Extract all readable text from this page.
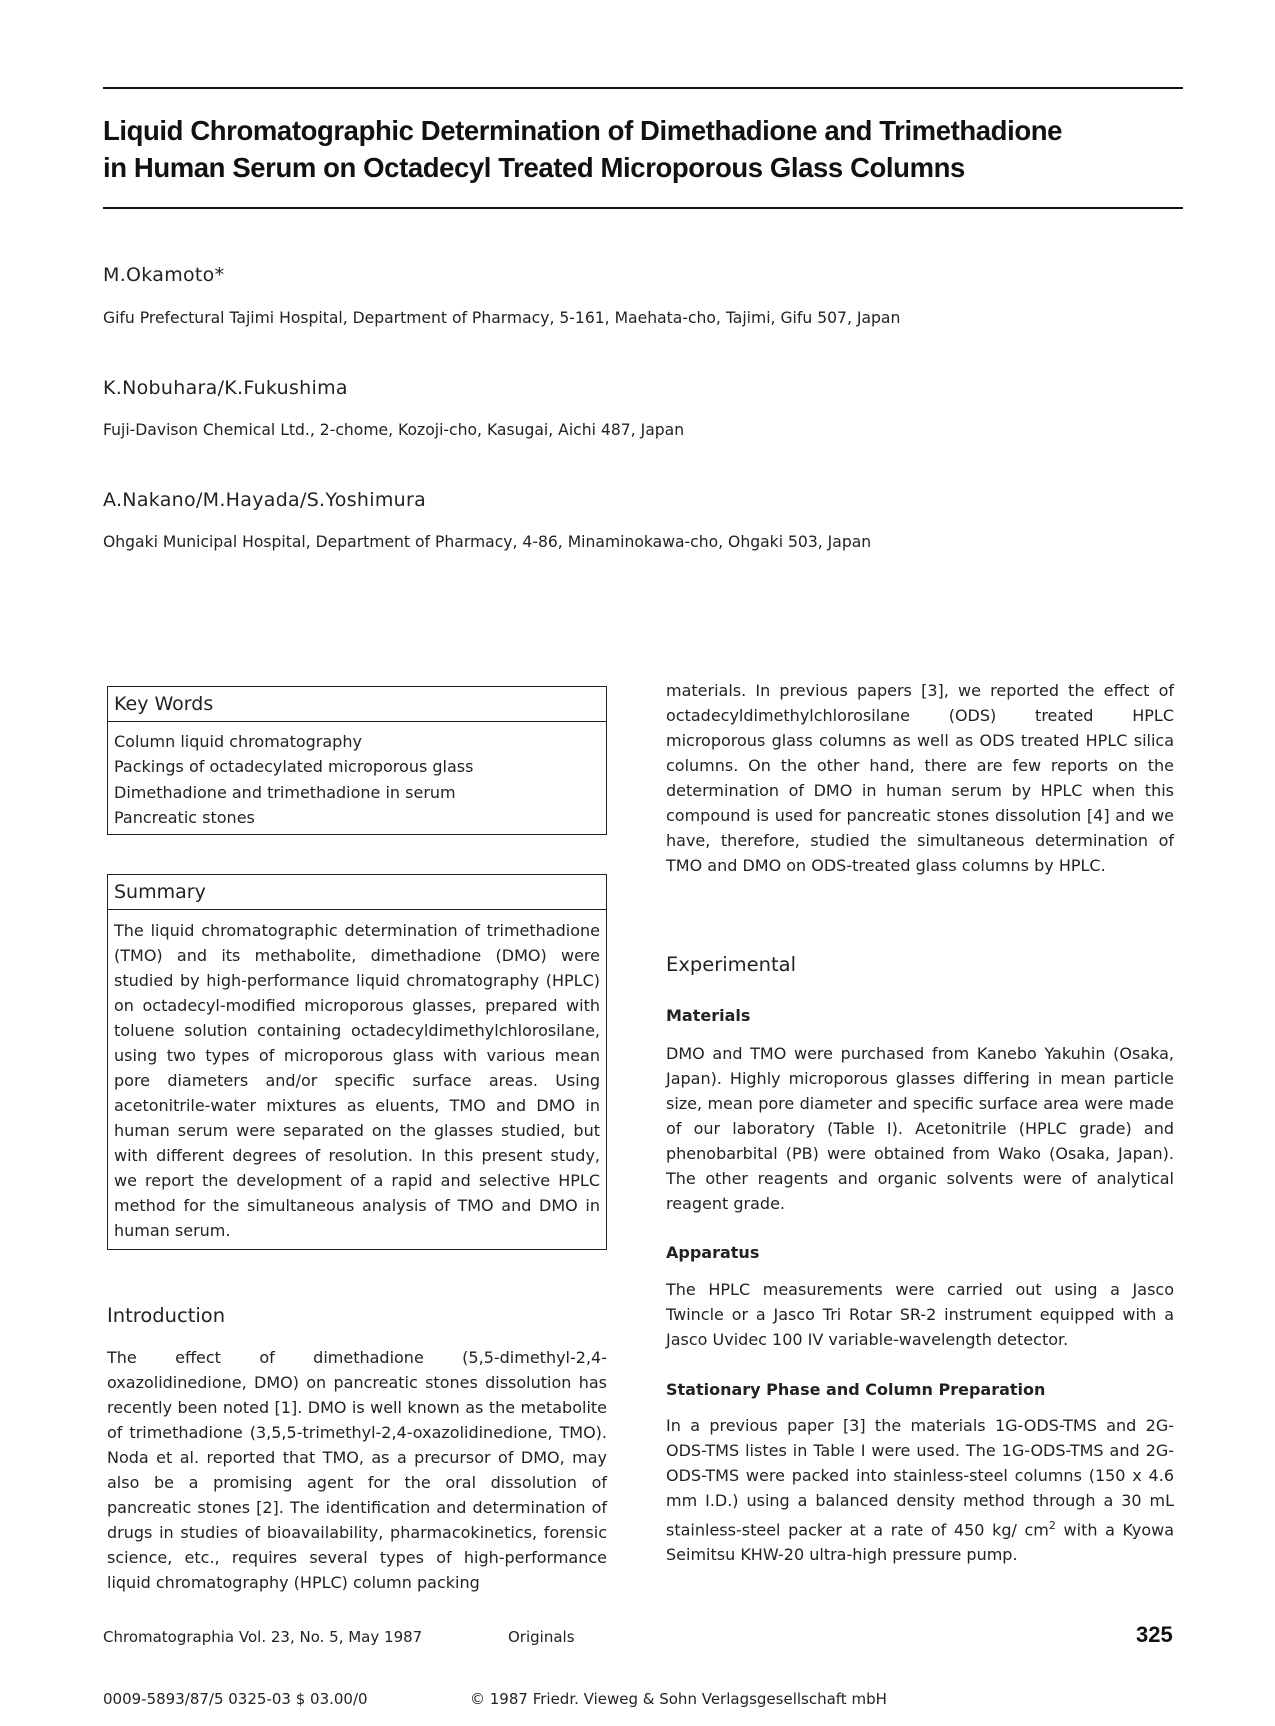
Liquid Chromatographic Determination of Dimethadione and Trimethadione
in Human Serum on Octadecyl Treated Microporous Glass Columns

M.Okamoto*

Gifu Prefectural Tajimi Hospital, Department of Pharmacy, 5-161, Maehata-cho, Tajimi, Gifu 507, Japan

K.Nobuhara/K.Fukushima

Fuji-Davison Chemical Ltd., 2-chome, Kozoji-cho, Kasugai, Aichi 487, Japan

A.Nakano/M.Hayada/S.Yoshimura

Ohgaki Municipal Hospital, Department of Pharmacy, 4-86, Minaminokawa-cho, Ohgaki 503, Japan

Key Words

Column liquid chromatography
Packings of octadecylated microporous glass
Dimethadione and trimethadione in serum
Pancreatic stones

Summary

The liquid chromatographic determination of trimethadione (TMO) and its methabolite, dimethadione (DMO) were studied by high-performance liquid chromatography (HPLC) on octadecyl-modified microporous glasses, prepared with toluene solution containing octadecyldimethylchlorosilane, using two types of microporous glass with various mean pore diameters and/or specific surface areas. Using acetonitrile-water mixtures as eluents, TMO and DMO in human serum were separated on the glasses studied, but with different degrees of resolution. In this present study, we report the development of a rapid and selective HPLC method for the simultaneous analysis of TMO and DMO in human serum.

Introduction

The effect of dimethadione (5,5-dimethyl-2,4-oxazolidinedione, DMO) on pancreatic stones dissolution has recently been noted [1]. DMO is well known as the metabolite of trimethadione (3,5,5-trimethyl-2,4-oxazolidinedione, TMO). Noda et al. reported that TMO, as a precursor of DMO, may also be a promising agent for the oral dissolution of pancreatic stones [2]. The identification and determination of drugs in studies of bioavailability, pharmacokinetics, forensic science, etc., requires several types of high-performance liquid chromatography (HPLC) column packing

materials. In previous papers [3], we reported the effect of octadecyldimethylchlorosilane (ODS) treated HPLC microporous glass columns as well as ODS treated HPLC silica columns. On the other hand, there are few reports on the determination of DMO in human serum by HPLC when this compound is used for pancreatic stones dissolution [4] and we have, therefore, studied the simultaneous determination of TMO and DMO on ODS-treated glass columns by HPLC.

Experimental

Materials

DMO and TMO were purchased from Kanebo Yakuhin (Osaka, Japan). Highly microporous glasses differing in mean particle size, mean pore diameter and specific surface area were made of our laboratory (Table I). Acetonitrile (HPLC grade) and phenobarbital (PB) were obtained from Wako (Osaka, Japan). The other reagents and organic solvents were of analytical reagent grade.

Apparatus

The HPLC measurements were carried out using a Jasco Twincle or a Jasco Tri Rotar SR-2 instrument equipped with a Jasco Uvidec 100 IV variable-wavelength detector.

Stationary Phase and Column Preparation

In a previous paper [3] the materials 1G-ODS-TMS and 2G-ODS-TMS listes in Table I were used. The 1G-ODS-TMS and 2G-ODS-TMS were packed into stainless-steel columns (150 x 4.6 mm I.D.) using a balanced density method through a 30 mL stainless-steel packer at a rate of 450 kg/ $cm^2$ with a Kyowa Seimitsu KHW-20 ultra-high pressure pump.

Chromatographia Vol. 23, No. 5, May 1987	Originals	325

0009-5893/87/5 0325-03 $ 03.00/0	© 1987 Friedr. Vieweg & Sohn Verlagsgesellschaft mbH
